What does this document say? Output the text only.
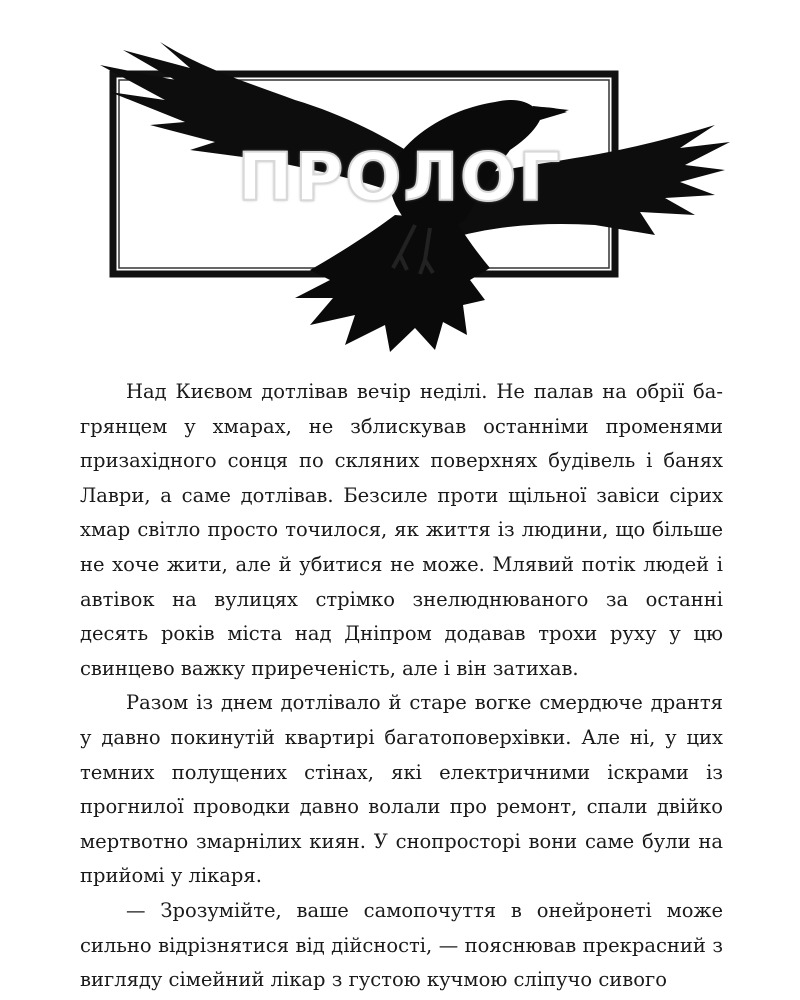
ПРОЛОГ

Над Києвом дотлівав вечір неділі. Не палав на обрії багрянцем у хмарах, не зблискував останніми променями призахідного сонця по скляних поверхнях будівель і банях Лаври, а саме дотлівав. Безсиле проти щільної завіси сірих хмар світло просто точилося, як життя із людини, що більше не хоче жити, але й убитися не може. Млявий потік людей і автівок на вулицях стрімко знелюднюваного за останні десять років міста над Дніпром додавав трохи руху у цю свинцево важку приреченість, але і він затихав.

Разом із днем дотлівало й старе вогке смердюче дрантя у давно покинутій квартирі багатоповерхівки. Але ні, у цих темних полущених стінах, які електричними іскрами із прогнилої проводки давно волали про ремонт, спали двійко мертвотно змарнілих киян. У снопросторі вони саме були на прийомі у лікаря.

— Зрозумійте, ваше самопочуття в онейронеті може сильно відрізнятися від дійсності, — пояснював прекрасний з вигляду сімейний лікар з густою кучмою сліпучо сивого
